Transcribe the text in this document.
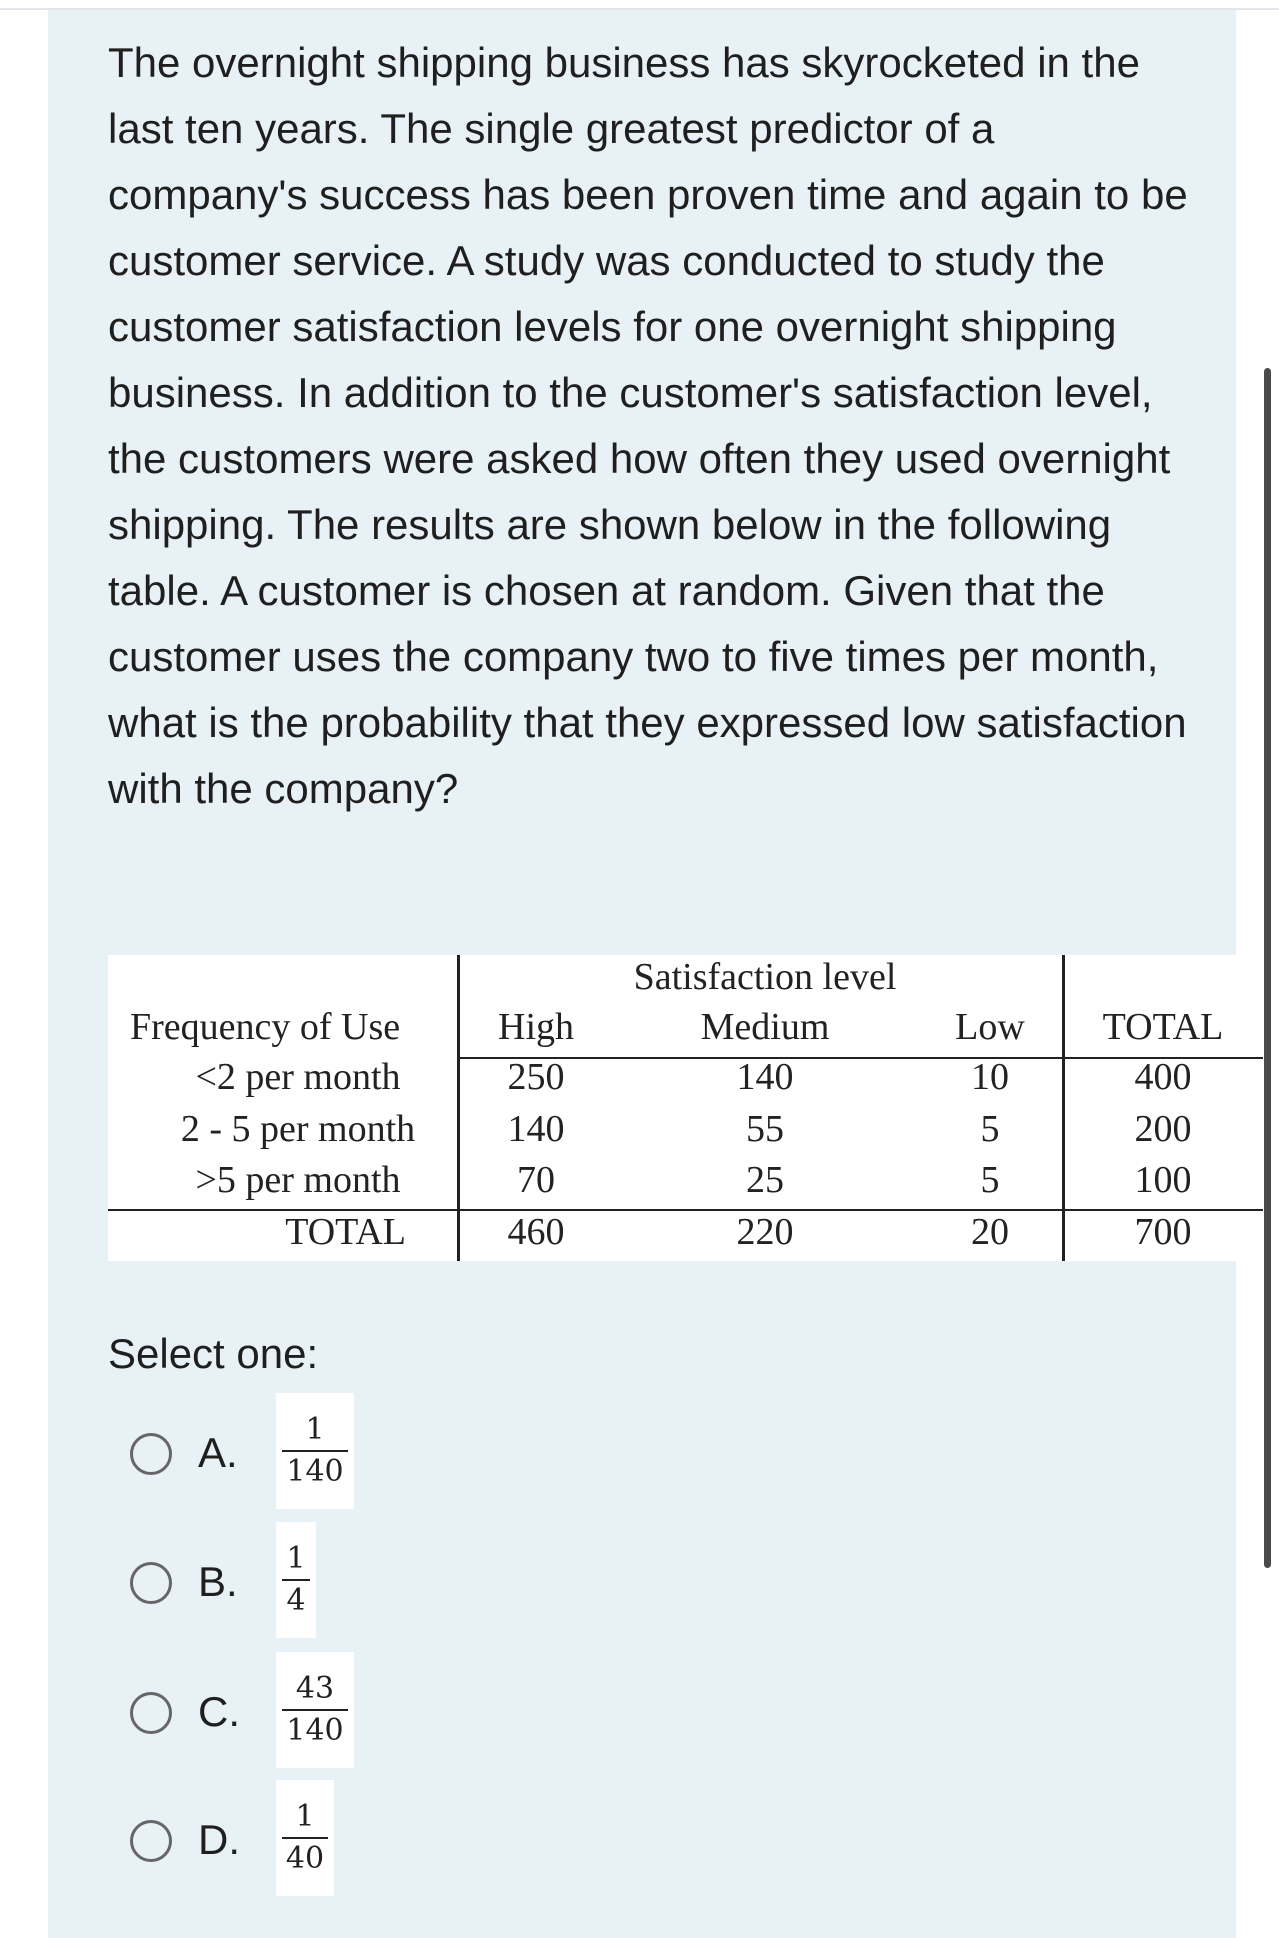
The overnight shipping business has skyrocketed in the last ten years. The single greatest predictor of a company's success has been proven time and again to be customer service. A study was conducted to study the customer satisfaction levels for one overnight shipping business. In addition to the customer's satisfaction level, the customers were asked how often they used overnight shipping. The results are shown below in the following table. A customer is chosen at random. Given that the customer uses the company two to five times per month, what is the probability that they expressed low satisfaction with the company?

Satisfaction level
Frequency of Use	High	Medium	Low TOTAL
<2 per month	250	140	10	400
2 - 5 per month 140	55	5	200
>5 per month	70	25	5	100
TOTAL	460	220	20	700
Select one:
A. $\frac{1}{140}$
B. $\frac{1}{4}$
C. $\frac{43}{140}$
D. $\frac{1}{40}$
